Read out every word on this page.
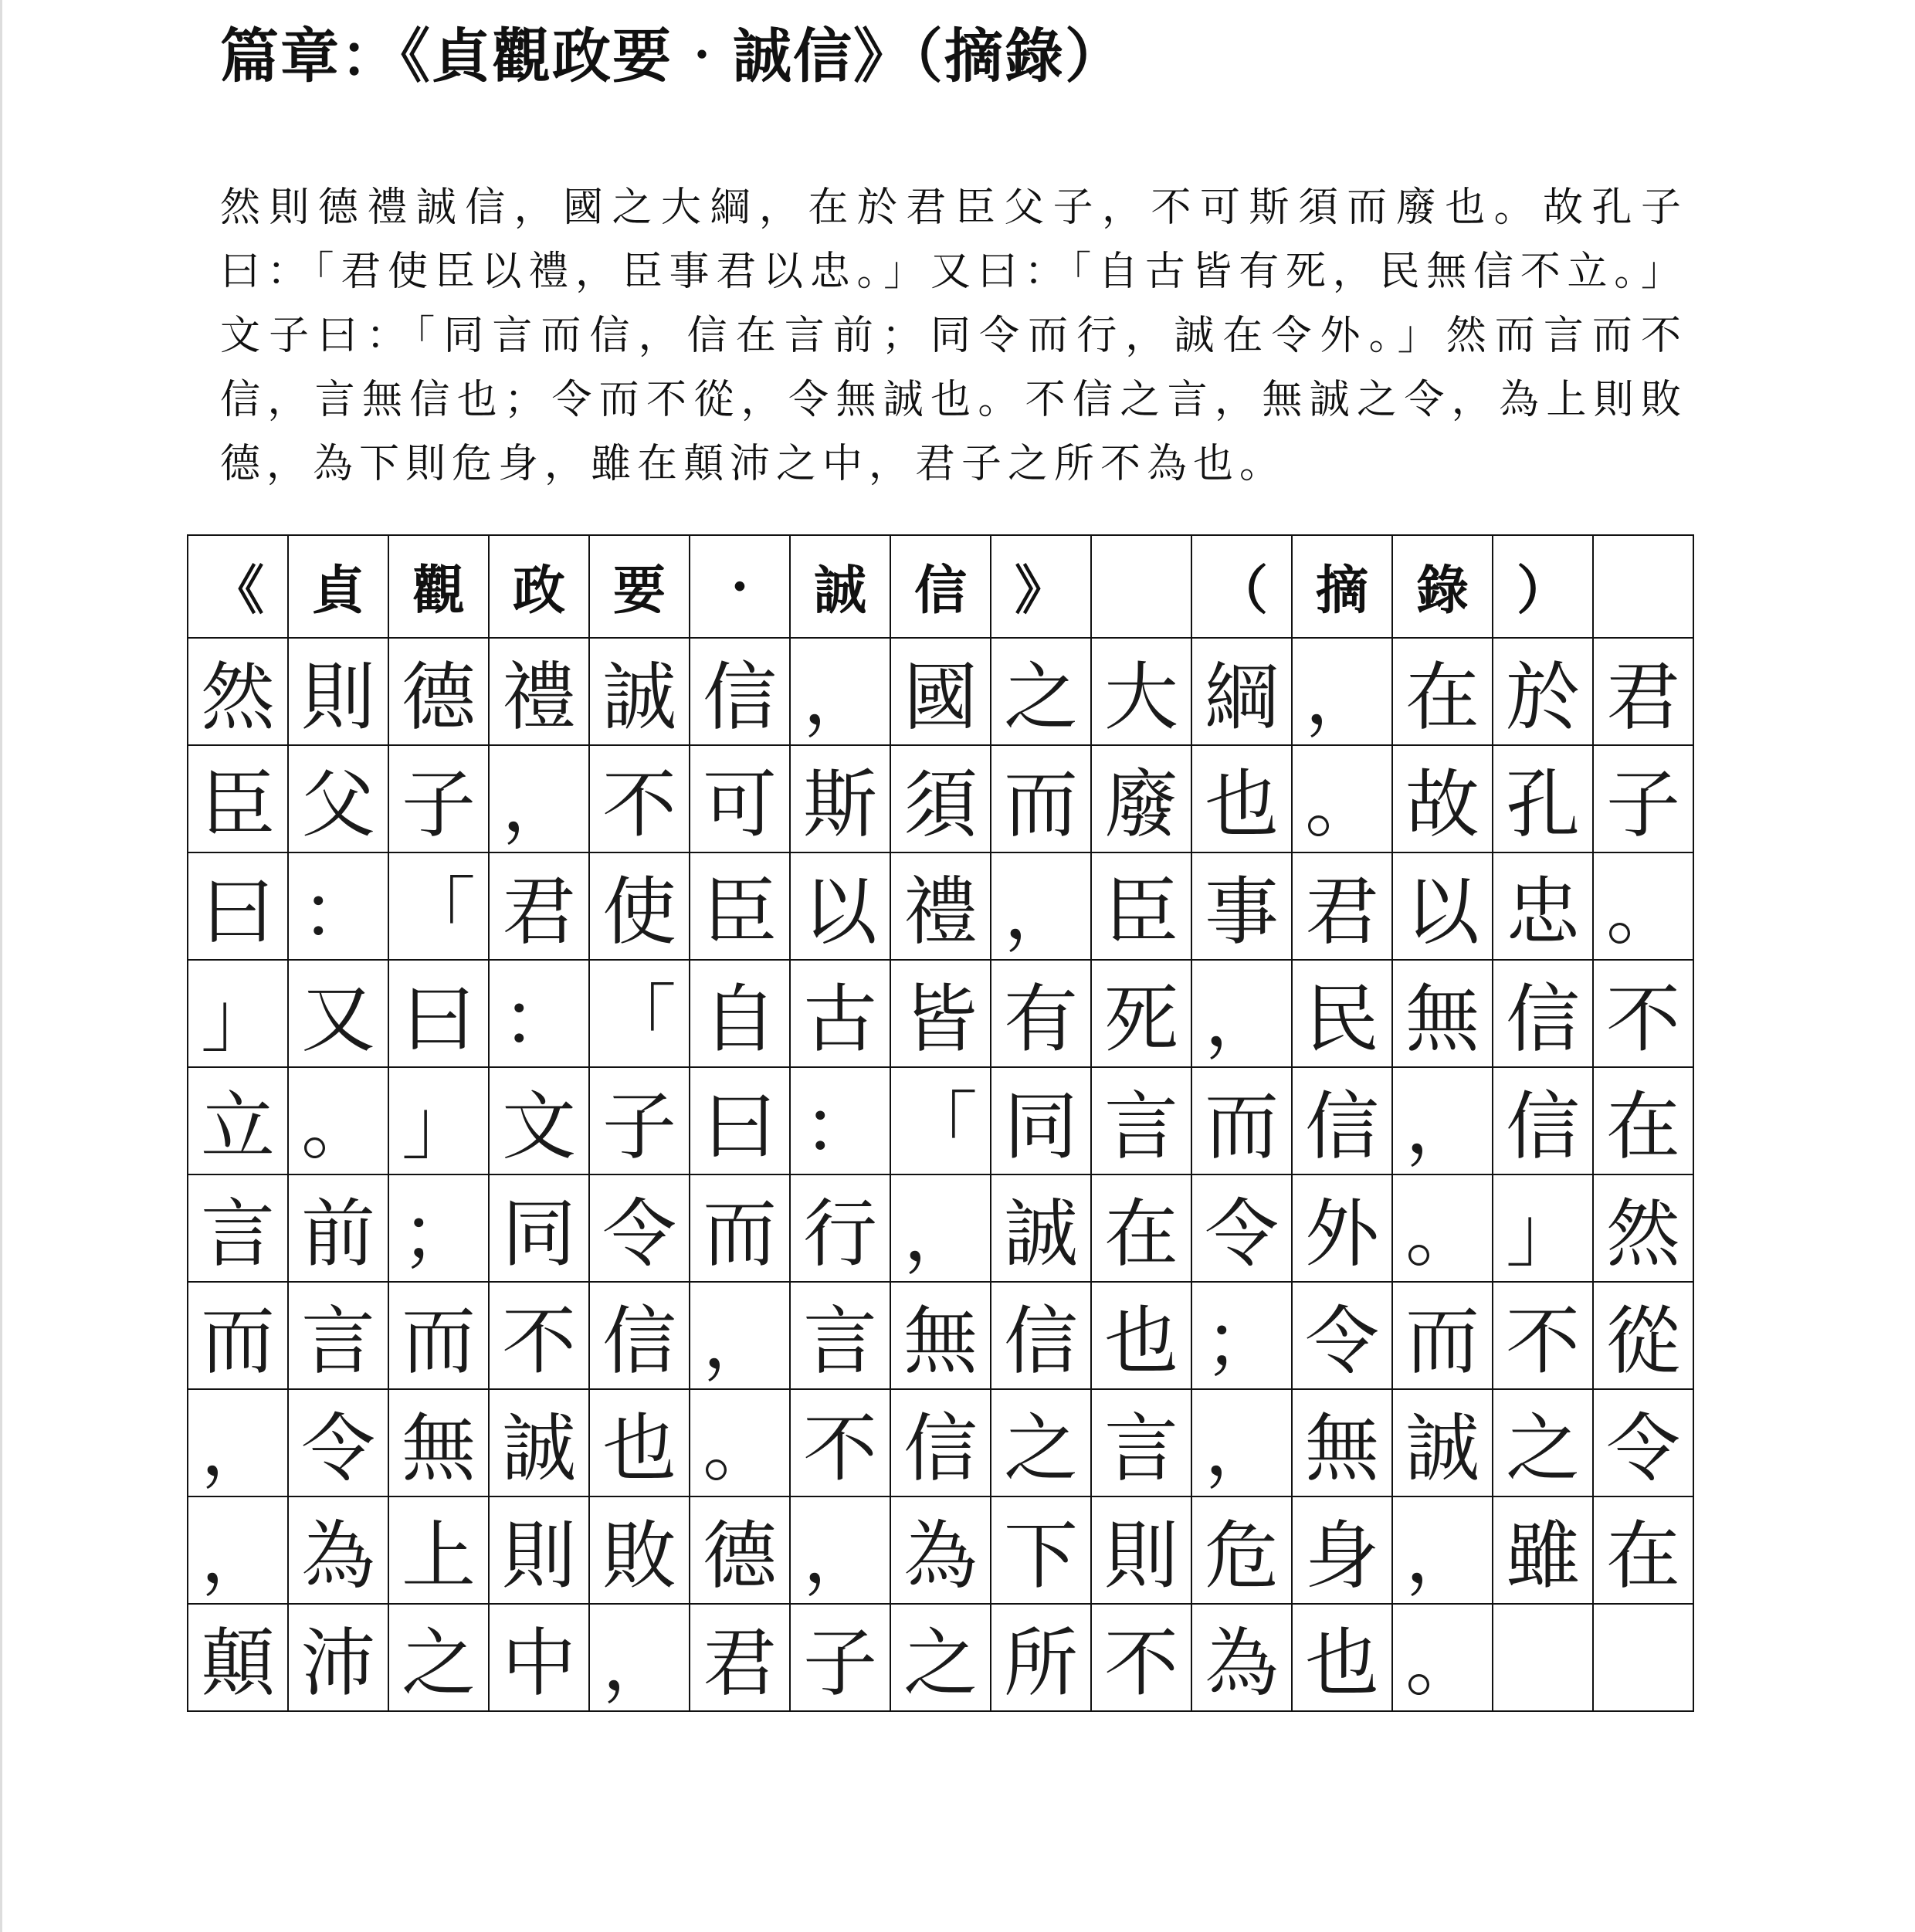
篇章：《貞觀政要‧誠信》（摘錄）

然則德禮誠信，國之大綱，在於君臣父子，不可斯須而廢也。故孔子曰：「君使臣以禮，臣事君以忠。」又曰：「自古皆有死，民無信不立。」文子曰：「同言而信，信在言前；同令而行，誠在令外。」然而言而不信，言無信也；令而不從，令無誠也。不信之言，無誠之令，為上則敗德，為下則危身，雖在顛沛之中，君子之所不為也。

《	貞	觀	政	要	·	誠	信	》		（	摘	錄	）	
然	則	德	禮	誠	信	，	國	之	大	綱	，	在	於	君
臣	父	子	，	不	可	斯	須	而	廢	也	。	故	孔	子
曰	：	「	君	使	臣	以	禮	，	臣	事	君	以	忠	。
」	又	曰	：	「	自	古	皆	有	死	，	民	無	信	不
立	。	」	文	子	曰	：	「	同	言	而	信	，	信	在
言	前	；	同	令	而	行	，	誠	在	令	外	。	」	然
而	言	而	不	信	，	言	無	信	也	；	令	而	不	從
，	令	無	誠	也	。	不	信	之	言	，	無	誠	之	令
，	為	上	則	敗	德	，	為	下	則	危	身	，	雖	在
顛	沛	之	中	，	君	子	之	所	不	為	也	。		
